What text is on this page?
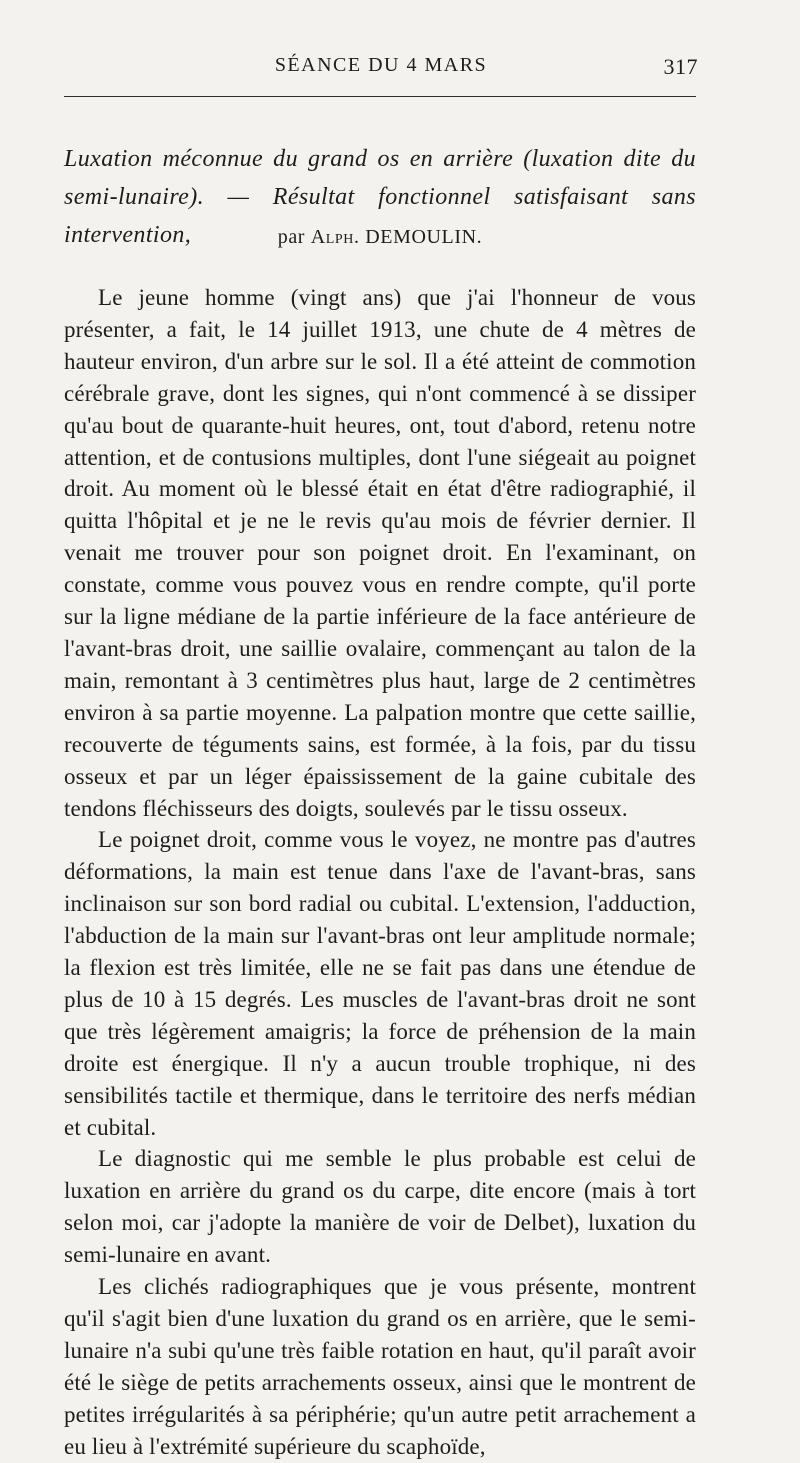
SÉANCE DU 4 MARS	317

Luxation méconnue du grand os en arrière (luxation dite du semi-lunaire). — Résultat fonctionnel satisfaisant sans intervention,	par Alph. DEMOULIN.

Le jeune homme (vingt ans) que j'ai l'honneur de vous présenter, a fait, le 14 juillet 1913, une chute de 4 mètres de hauteur environ, d'un arbre sur le sol. Il a été atteint de commotion cérébrale grave, dont les signes, qui n'ont commencé à se dissiper qu'au bout de quarante-huit heures, ont, tout d'abord, retenu notre attention, et de contusions multiples, dont l'une siégeait au poignet droit. Au moment où le blessé était en état d'être radiographié, il quitta l'hôpital et je ne le revis qu'au mois de février dernier. Il venait me trouver pour son poignet droit. En l'examinant, on constate, comme vous pouvez vous en rendre compte, qu'il porte sur la ligne médiane de la partie inférieure de la face antérieure de l'avant-bras droit, une saillie ovalaire, commençant au talon de la main, remontant à 3 centimètres plus haut, large de 2 centimètres environ à sa partie moyenne. La palpation montre que cette saillie, recouverte de téguments sains, est formée, à la fois, par du tissu osseux et par un léger épaississement de la gaine cubitale des tendons fléchisseurs des doigts, soulevés par le tissu osseux.

Le poignet droit, comme vous le voyez, ne montre pas d'autres déformations, la main est tenue dans l'axe de l'avant-bras, sans inclinaison sur son bord radial ou cubital. L'extension, l'adduction, l'abduction de la main sur l'avant-bras ont leur amplitude normale; la flexion est très limitée, elle ne se fait pas dans une étendue de plus de 10 à 15 degrés. Les muscles de l'avant-bras droit ne sont que très légèrement amaigris; la force de préhension de la main droite est énergique. Il n'y a aucun trouble trophique, ni des sensibilités tactile et thermique, dans le territoire des nerfs médian et cubital.

Le diagnostic qui me semble le plus probable est celui de luxation en arrière du grand os du carpe, dite encore (mais à tort selon moi, car j'adopte la manière de voir de Delbet), luxation du semi-lunaire en avant.

Les clichés radiographiques que je vous présente, montrent qu'il s'agit bien d'une luxation du grand os en arrière, que le semi-lunaire n'a subi qu'une très faible rotation en haut, qu'il paraît avoir été le siège de petits arrachements osseux, ainsi que le montrent de petites irrégularités à sa périphérie; qu'un autre petit arrachement a eu lieu à l'extrémité supérieure du scaphoïde,
